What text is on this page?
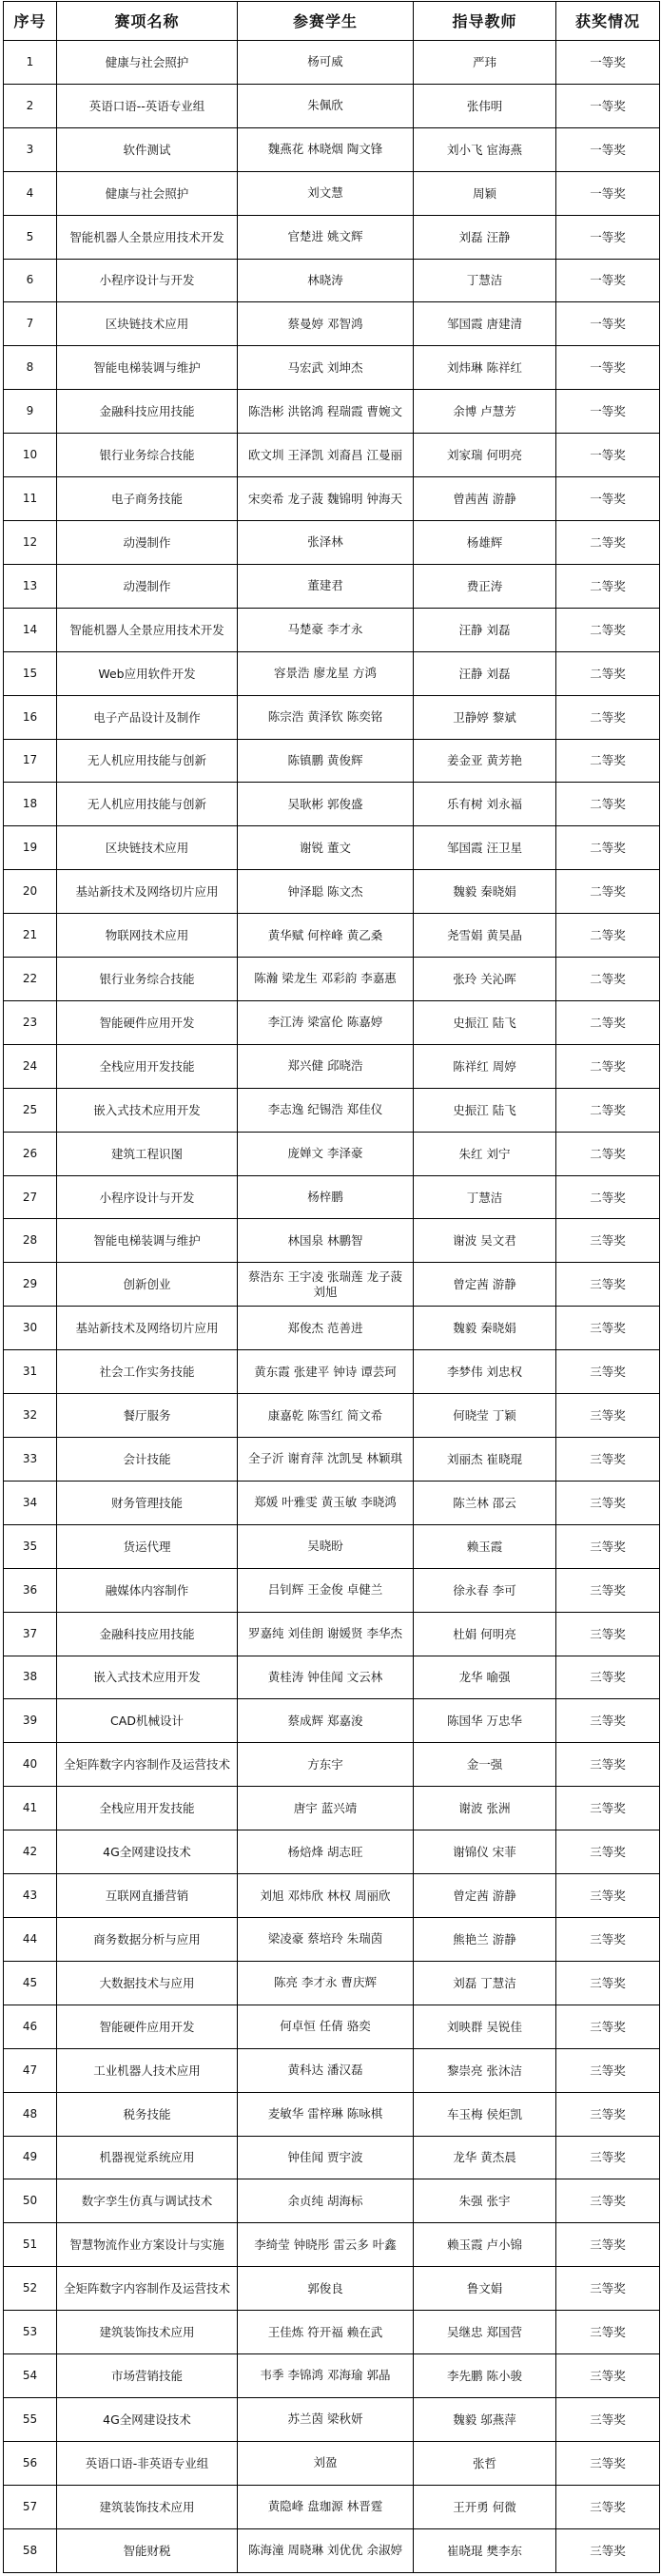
序号	赛项名称	参赛学生	指导教师	获奖情况
1	健康与社会照护	杨可威	严玮	一等奖
2	英语口语--英语专业组	朱佩欣	张伟明	一等奖
3	软件测试	魏燕花 林晓烟 陶文锋	刘小飞 宦海燕	一等奖
4	健康与社会照护	刘文慧	周颖	一等奖
5	智能机器人全景应用技术开发	官楚进 姚文辉	刘磊 汪静	一等奖
6	小程序设计与开发	林晓涛	丁慧洁	一等奖
7	区块链技术应用	蔡曼婷 邓智鸿	邹国霞 唐建清	一等奖
8	智能电梯装调与维护	马宏武 刘坤杰	刘炜琳 陈祥红	一等奖
9	金融科技应用技能	陈浩彬 洪铭鸿 程瑞霞 曹婉文	余博 卢慧芳	一等奖
10	银行业务综合技能	欧文圳 王泽凯 刘裔昌 江曼丽	刘家瑞 何明亮	一等奖
11	电子商务技能	宋奕希 龙子菠 魏锦明 钟海天	曾茜茜 游静	一等奖
12	动漫制作	张泽林	杨雄辉	二等奖
13	动漫制作	董建君	费正涛	二等奖
14	智能机器人全景应用技术开发	马楚豪 李才永	汪静 刘磊	二等奖
15	Web应用软件开发	容景浩 廖龙星 方鸿	汪静 刘磊	二等奖
16	电子产品设计及制作	陈宗浩 黄泽钦 陈奕铭	卫静婷 黎斌	二等奖
17	无人机应用技能与创新	陈镇鹏 黄俊辉	姜金亚 黄芳艳	二等奖
18	无人机应用技能与创新	吴耿彬 郭俊盛	乐有树 刘永福	二等奖
19	区块链技术应用	谢锐 董文	邹国霞 汪卫星	二等奖
20	基站新技术及网络切片应用	钟泽聪 陈文杰	魏毅 秦晓娟	二等奖
21	物联网技术应用	黄华赋 何梓峰 黄乙桑	尧雪娟 黄昊晶	二等奖
22	银行业务综合技能	陈瀚 梁龙生 邓彩韵 李嘉惠	张玲 关沁晖	二等奖
23	智能硬件应用开发	李江涛 梁富伦 陈嘉婷	史振江 陆飞	二等奖
24	全栈应用开发技能	郑兴健 邱晓浩	陈祥红 周婷	二等奖
25	嵌入式技术应用开发	李志逸 纪锡浩 郑佳仪	史振江 陆飞	二等奖
26	建筑工程识图	庞婵文 李泽豪	朱红 刘宁	二等奖
27	小程序设计与开发	杨梓鹏	丁慧洁	二等奖
28	智能电梯装调与维护	林国泉 林鹏智	谢波 吴文君	三等奖
29	创新创业	蔡浩东 王宇凌 张瑞莲 龙子菠 刘旭	曾定茜 游静	三等奖
30	基站新技术及网络切片应用	郑俊杰 范善进	魏毅 秦晓娟	三等奖
31	社会工作实务技能	黄东霞 张建平 钟诗 谭芸珂	李梦伟 刘忠权	三等奖
32	餐厅服务	康嘉乾 陈雪红 简文希	何晓莹 丁颖	三等奖
33	会计技能	全子沂 谢育萍 沈凯旻 林颖琪	刘丽杰 崔晓琨	三等奖
34	财务管理技能	郑媛 叶雅雯 黄玉敏 李晓鸿	陈兰林 邵云	三等奖
35	货运代理	吴晓盼	赖玉霞	三等奖
36	融媒体内容制作	吕钊辉 王金俊 卓健兰	徐永春 李可	三等奖
37	金融科技应用技能	罗嘉纯 刘佳朗 谢媛贤 李华杰	杜娟 何明亮	三等奖
38	嵌入式技术应用开发	黄桂涛 钟佳闻 文云林	龙华 喻强	三等奖
39	CAD机械设计	蔡成辉 郑嘉浚	陈国华 万忠华	三等奖
40	全矩阵数字内容制作及运营技术	方东宇	金一强	三等奖
41	全栈应用开发技能	唐宇 蓝兴靖	谢波 张洲	三等奖
42	4G全网建设技术	杨焙烽 胡志旺	谢锦仪 宋菲	三等奖
43	互联网直播营销	刘旭 邓炜欣 林权 周丽欣	曾定茜 游静	三等奖
44	商务数据分析与应用	梁凌豪 蔡培玲 朱瑞茵	熊艳兰 游静	三等奖
45	大数据技术与应用	陈亮 李才永 曹庆辉	刘磊 丁慧洁	三等奖
46	智能硬件应用开发	何卓恒 任倩 骆奕	刘映群 吴锐佳	三等奖
47	工业机器人技术应用	黄科达 潘汉磊	黎崇亮 张沐洁	三等奖
48	税务技能	麦敏华 雷梓琳 陈咏棋	车玉梅 侯炬凯	三等奖
49	机器视觉系统应用	钟佳闻 贾宇波	龙华 黄杰晨	三等奖
50	数字孪生仿真与调试技术	余贞纯 胡海标	朱强 张宇	三等奖
51	智慧物流作业方案设计与实施	李绮莹 钟晓彤 雷云多 叶鑫	赖玉霞 卢小锦	三等奖
52	全矩阵数字内容制作及运营技术	郭俊良	鲁文娟	三等奖
53	建筑装饰技术应用	王佳炼 符开福 赖在武	吴继忠 郑国营	三等奖
54	市场营销技能	韦季 李锦鸿 邓海瑜 郭晶	李先鹏 陈小骏	三等奖
55	4G全网建设技术	苏兰茵 梁秋妍	魏毅 邬燕萍	三等奖
56	英语口语-非英语专业组	刘盈	张哲	三等奖
57	建筑装饰技术应用	黄隐峰 盘珈源 林晋霆	王开勇 何微	三等奖
58	智能财税	陈海潼 周晓琳 刘优优 余淑婷	崔晓琨 樊李东	三等奖
